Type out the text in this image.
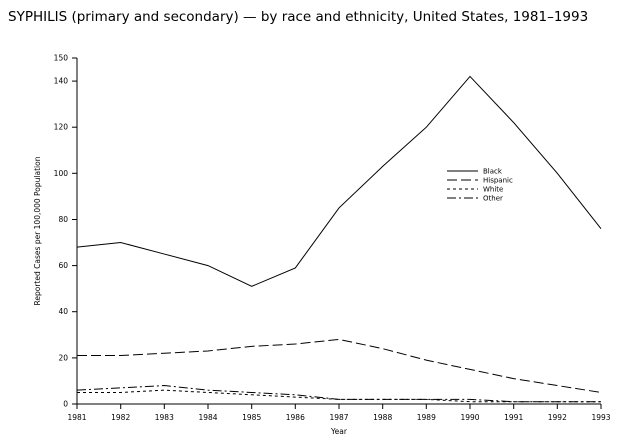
SYPHILIS (primary and secondary) — by race and ethnicity, United States, 1981–1993
0
20
40
60
80
100
120
140
150
Reported Cases per 100,000 Population
1981	1982	1983	1984	1985	1986	1987	1988	1989	1990	1991	1992	1993
Year
Black
Hispanic
White
Other
